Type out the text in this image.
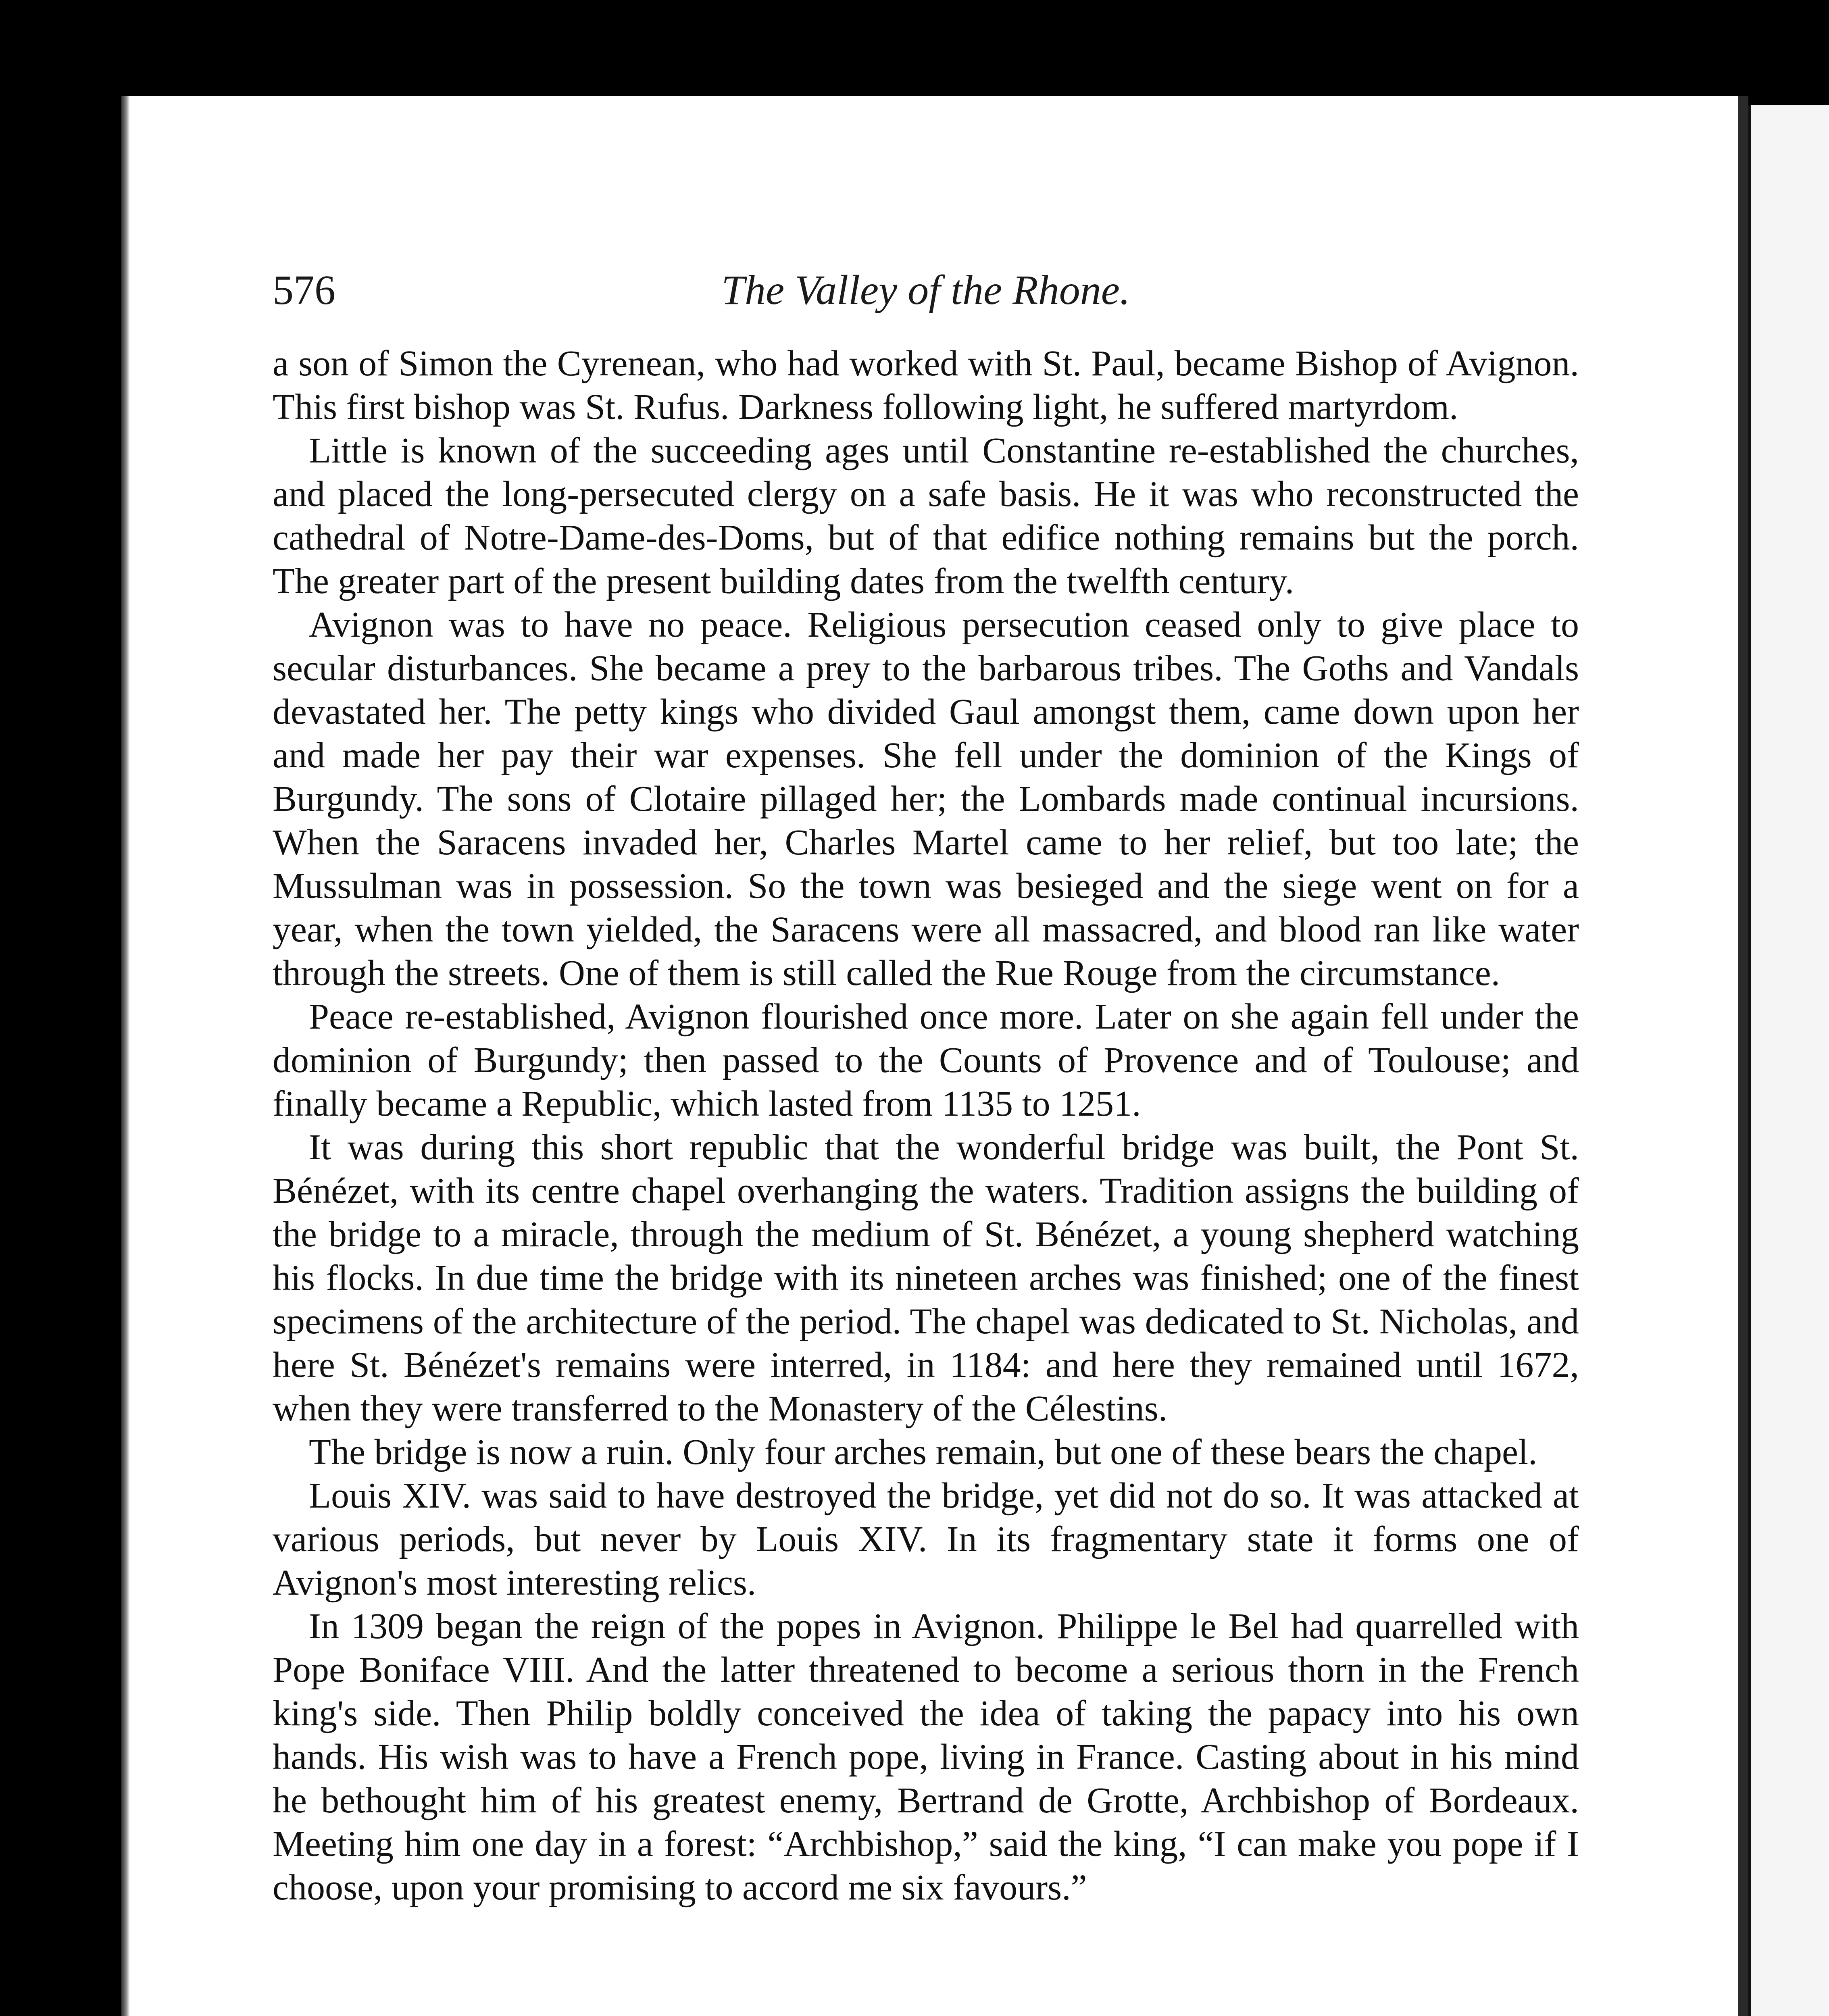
576	The Valley of the Rhone.

a son of Simon the Cyrenean, who had worked with St. Paul, became Bishop of Avignon. This first bishop was St. Rufus. Darkness following light, he suffered martyrdom.

Little is known of the succeeding ages until Constantine re-established the churches, and placed the long-persecuted clergy on a safe basis. He it was who reconstructed the cathedral of Notre-Dame-des-Doms, but of that edifice nothing remains but the porch. The greater part of the present building dates from the twelfth century.

Avignon was to have no peace. Religious persecution ceased only to give place to secular disturbances. She became a prey to the barbarous tribes. The Goths and Vandals devastated her. The petty kings who divided Gaul amongst them, came down upon her and made her pay their war expenses. She fell under the dominion of the Kings of Burgundy. The sons of Clotaire pillaged her; the Lombards made continual incursions. When the Saracens invaded her, Charles Martel came to her relief, but too late; the Mussulman was in possession. So the town was besieged and the siege went on for a year, when the town yielded, the Saracens were all massacred, and blood ran like water through the streets. One of them is still called the Rue Rouge from the circumstance.

Peace re-established, Avignon flourished once more. Later on she again fell under the dominion of Burgundy; then passed to the Counts of Provence and of Toulouse; and finally became a Republic, which lasted from 1135 to 1251.

It was during this short republic that the wonderful bridge was built, the Pont St. Bénézet, with its centre chapel overhanging the waters. Tradition assigns the building of the bridge to a miracle, through the medium of St. Bénézet, a young shepherd watching his flocks. In due time the bridge with its nineteen arches was finished; one of the finest specimens of the architecture of the period. The chapel was dedicated to St. Nicholas, and here St. Bénézet's remains were interred, in 1184: and here they remained until 1672, when they were transferred to the Monastery of the Célestins.

The bridge is now a ruin. Only four arches remain, but one of these bears the chapel.

Louis XIV. was said to have destroyed the bridge, yet did not do so. It was attacked at various periods, but never by Louis XIV. In its fragmentary state it forms one of Avignon's most interesting relics.

In 1309 began the reign of the popes in Avignon. Philippe le Bel had quarrelled with Pope Boniface VIII. And the latter threatened to become a serious thorn in the French king's side. Then Philip boldly conceived the idea of taking the papacy into his own hands. His wish was to have a French pope, living in France. Casting about in his mind he bethought him of his greatest enemy, Bertrand de Grotte, Archbishop of Bordeaux. Meeting him one day in a forest: “Archbishop,” said the king, “I can make you pope if I choose, upon your promising to accord me six favours.”
